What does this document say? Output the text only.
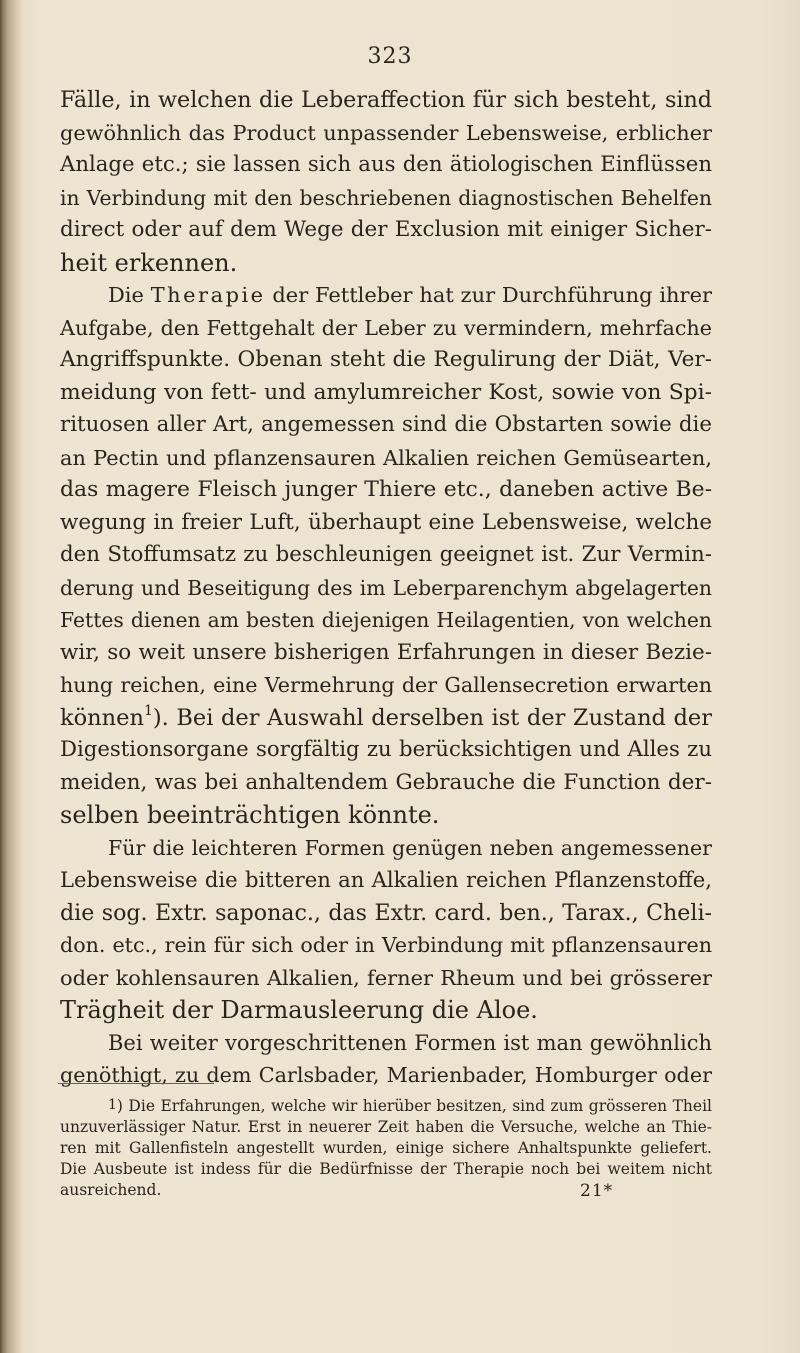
323
Fälle, in welchen die Leberaffection für sich besteht, sind
gewöhnlich das Product unpassender Lebensweise, erblicher
Anlage etc.; sie lassen sich aus den ätiologischen Einflüssen
in Verbindung mit den beschriebenen diagnostischen Behelfen
direct oder auf dem Wege der Exclusion mit einiger Sicher-
heit erkennen.
Die Therapie der Fettleber hat zur Durchführung ihrer
Aufgabe, den Fettgehalt der Leber zu vermindern, mehrfache
Angriffspunkte. Obenan steht die Regulirung der Diät, Ver-
meidung von fett- und amylumreicher Kost, sowie von Spi-
rituosen aller Art, angemessen sind die Obstarten sowie die
an Pectin und pflanzensauren Alkalien reichen Gemüsearten,
das magere Fleisch junger Thiere etc., daneben active Be-
wegung in freier Luft, überhaupt eine Lebensweise, welche
den Stoffumsatz zu beschleunigen geeignet ist. Zur Vermin-
derung und Beseitigung des im Leberparenchym abgelagerten
Fettes dienen am besten diejenigen Heilagentien, von welchen
wir, so weit unsere bisherigen Erfahrungen in dieser Bezie-
hung reichen, eine Vermehrung der Gallensecretion erwarten
können$^1$). Bei der Auswahl derselben ist der Zustand der
Digestionsorgane sorgfältig zu berücksichtigen und Alles zu
meiden, was bei anhaltendem Gebrauche die Function der-
selben beeinträchtigen könnte.
Für die leichteren Formen genügen neben angemessener
Lebensweise die bitteren an Alkalien reichen Pflanzenstoffe,
die sog. Extr. saponac., das Extr. card. ben., Tarax., Cheli-
don. etc., rein für sich oder in Verbindung mit pflanzensauren
oder kohlensauren Alkalien, ferner Rheum und bei grösserer
Trägheit der Darmausleerung die Aloe.
Bei weiter vorgeschrittenen Formen ist man gewöhnlich
genöthigt, zu dem Carlsbader, Marienbader, Homburger oder
$^1$) Die Erfahrungen, welche wir hierüber besitzen, sind zum grösseren Theil
unzuverlässiger Natur. Erst in neuerer Zeit haben die Versuche, welche an Thie-
ren mit Gallenfisteln angestellt wurden, einige sichere Anhaltspunkte geliefert.
Die Ausbeute ist indess für die Bedürfnisse der Therapie noch bei weitem nicht
ausreichend.	21*
